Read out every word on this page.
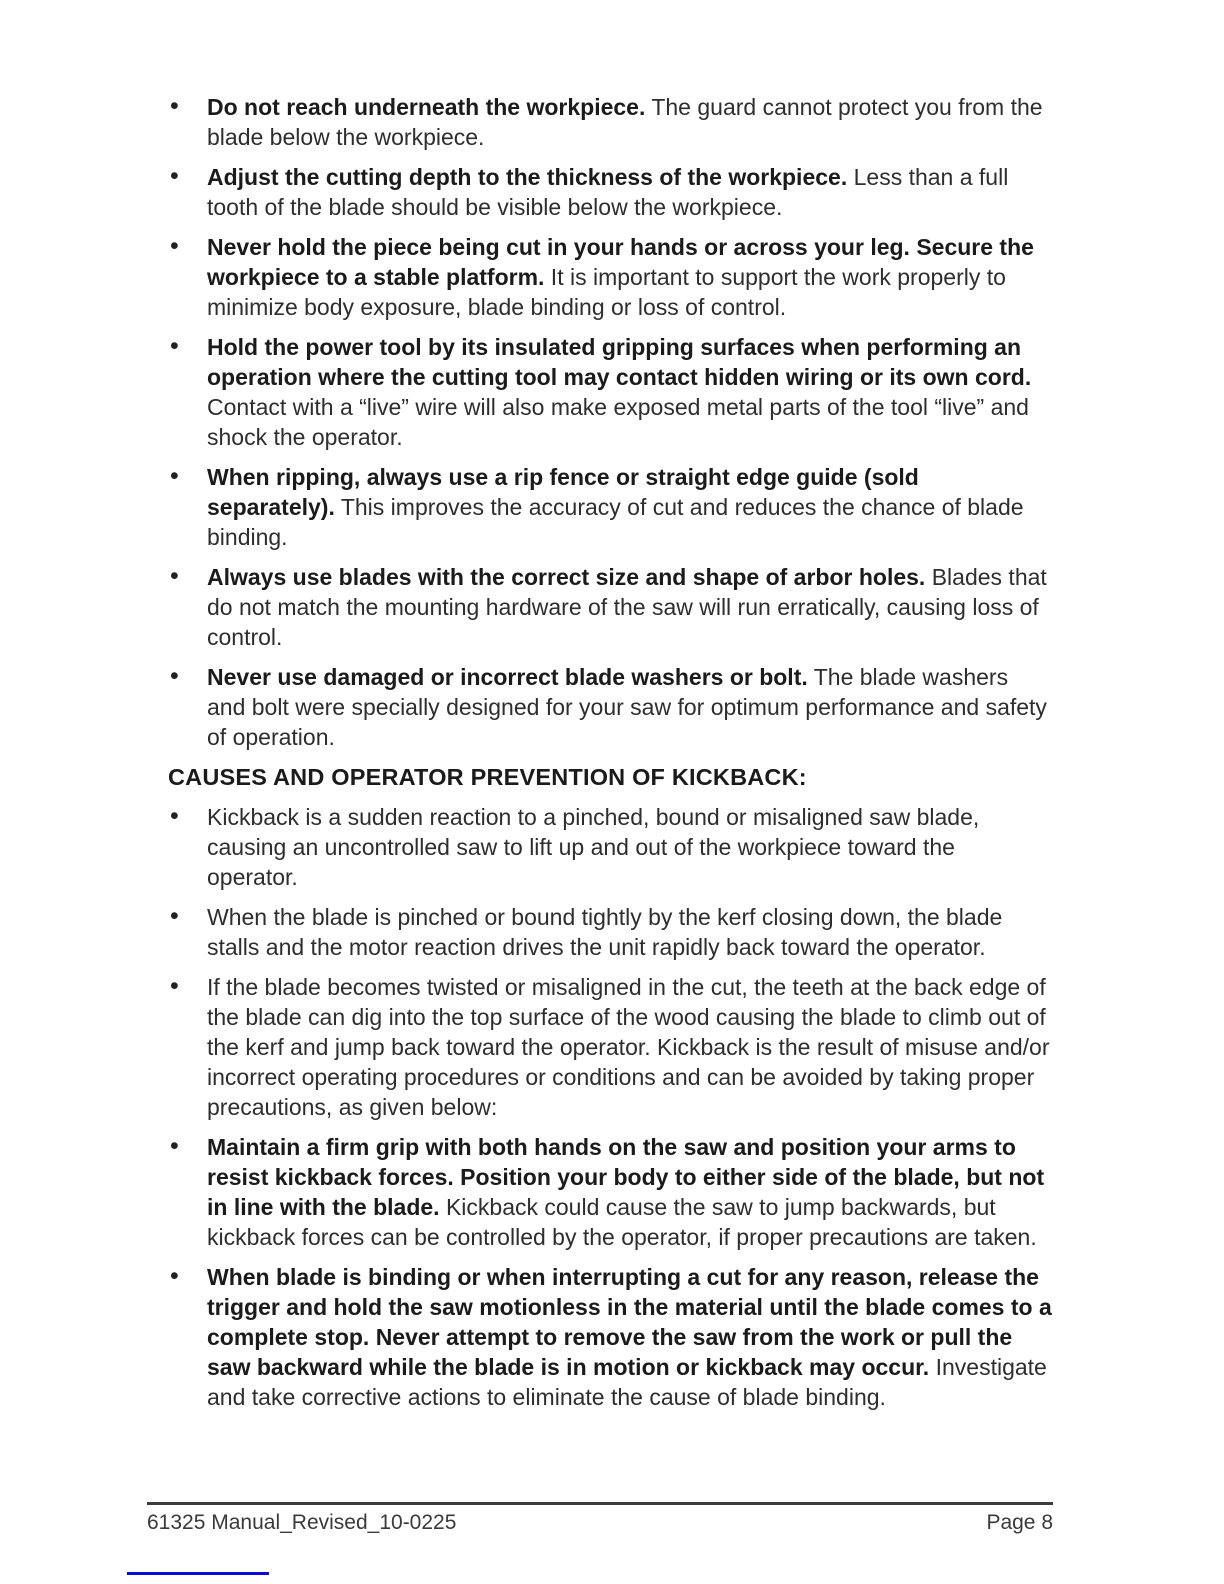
• Do not reach underneath the workpiece. The guard cannot protect you from the blade below the workpiece.
• Adjust the cutting depth to the thickness of the workpiece. Less than a full tooth of the blade should be visible below the workpiece.
• Never hold the piece being cut in your hands or across your leg. Secure the workpiece to a stable platform. It is important to support the work properly to minimize body exposure, blade binding or loss of control.
• Hold the power tool by its insulated gripping surfaces when performing an operation where the cutting tool may contact hidden wiring or its own cord. Contact with a “live” wire will also make exposed metal parts of the tool “live” and shock the operator.
• When ripping, always use a rip fence or straight edge guide (sold separately). This improves the accuracy of cut and reduces the chance of blade binding.
• Always use blades with the correct size and shape of arbor holes. Blades that do not match the mounting hardware of the saw will run erratically, causing loss of control.
• Never use damaged or incorrect blade washers or bolt. The blade washers and bolt were specially designed for your saw for optimum performance and safety of operation.
CAUSES AND OPERATOR PREVENTION OF KICKBACK:
• Kickback is a sudden reaction to a pinched, bound or misaligned saw blade, causing an uncontrolled saw to lift up and out of the workpiece toward the operator.
• When the blade is pinched or bound tightly by the kerf closing down, the blade stalls and the motor reaction drives the unit rapidly back toward the operator.
• If the blade becomes twisted or misaligned in the cut, the teeth at the back edge of the blade can dig into the top surface of the wood causing the blade to climb out of the kerf and jump back toward the operator. Kickback is the result of misuse and/or incorrect operating procedures or conditions and can be avoided by taking proper precautions, as given below:
• Maintain a firm grip with both hands on the saw and position your arms to resist kickback forces. Position your body to either side of the blade, but not in line with the blade. Kickback could cause the saw to jump backwards, but kickback forces can be controlled by the operator, if proper precautions are taken.
• When blade is binding or when interrupting a cut for any reason, release the trigger and hold the saw motionless in the material until the blade comes to a complete stop. Never attempt to remove the saw from the work or pull the saw backward while the blade is in motion or kickback may occur. Investigate and take corrective actions to eliminate the cause of blade binding.
61325 Manual_Revised_10-0225	Page 8
